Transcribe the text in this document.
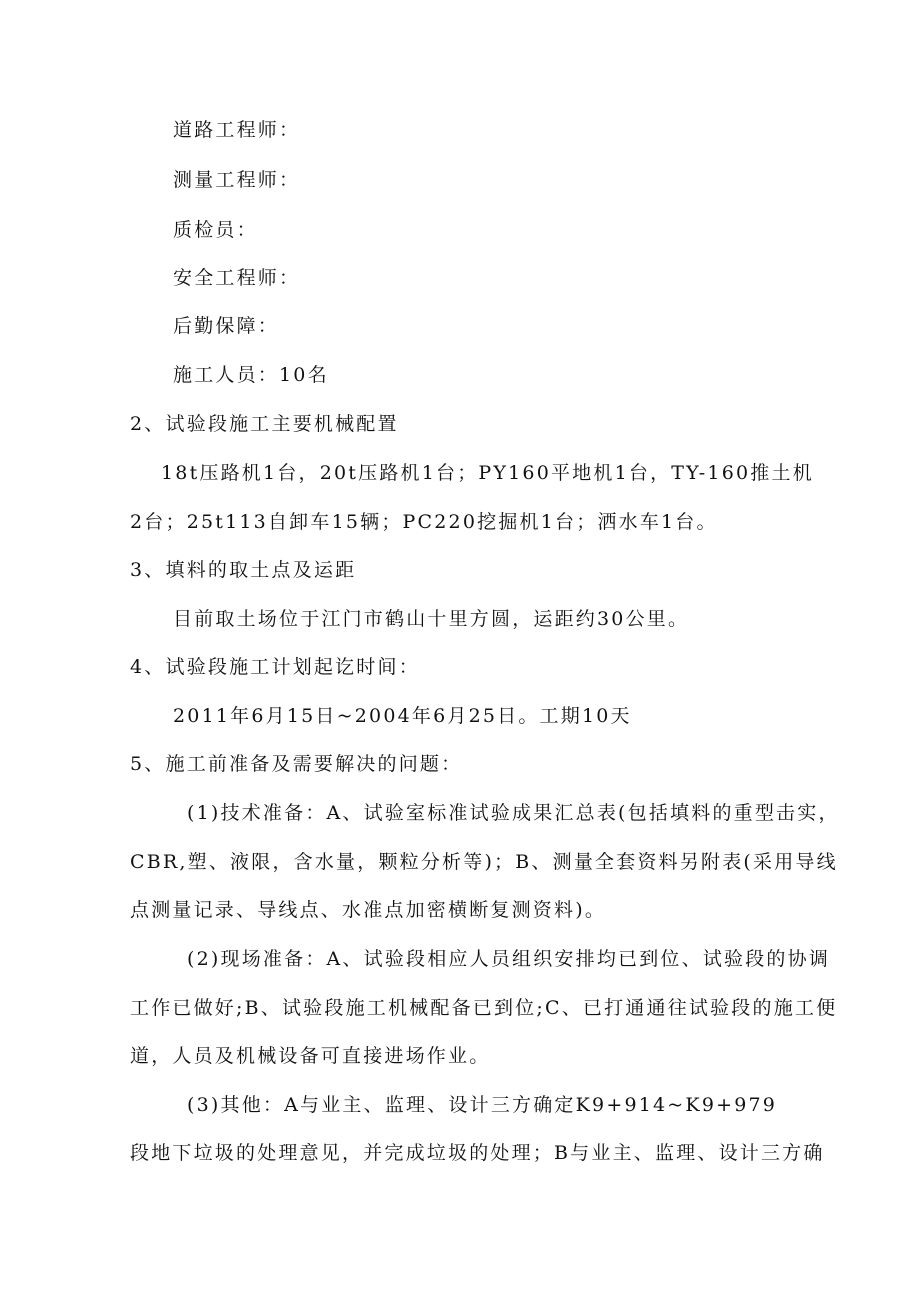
道路工程师：
测量工程师：
质检员：
安全工程师：
后勤保障：
施工人员：10名
2、试验段施工主要机械配置
18t压路机1台，20t压路机1台；PY160平地机1台，TY-160推土机
2台；25t113自卸车15辆；PC220挖掘机1台；洒水车1台。
3、填料的取土点及运距
目前取土场位于江门市鹤山十里方圆，运距约30公里。
4、试验段施工计划起讫时间：
2011年6月15日~2004年6月25日。工期10天
5、施工前准备及需要解决的问题：
(1)技术准备：A、试验室标准试验成果汇总表(包括填料的重型击实，
CBR,塑、液限，含水量，颗粒分析等)；B、测量全套资料另附表(采用导线
点测量记录、导线点、水准点加密横断复测资料)。
(2)现场准备：A、试验段相应人员组织安排均已到位、试验段的协调
工作已做好;B、试验段施工机械配备已到位;C、已打通通往试验段的施工便
道，人员及机械设备可直接进场作业。
(3)其他：A与业主、监理、设计三方确定K9+914~K9+979
段地下垃圾的处理意见，并完成垃圾的处理；B与业主、监理、设计三方确
